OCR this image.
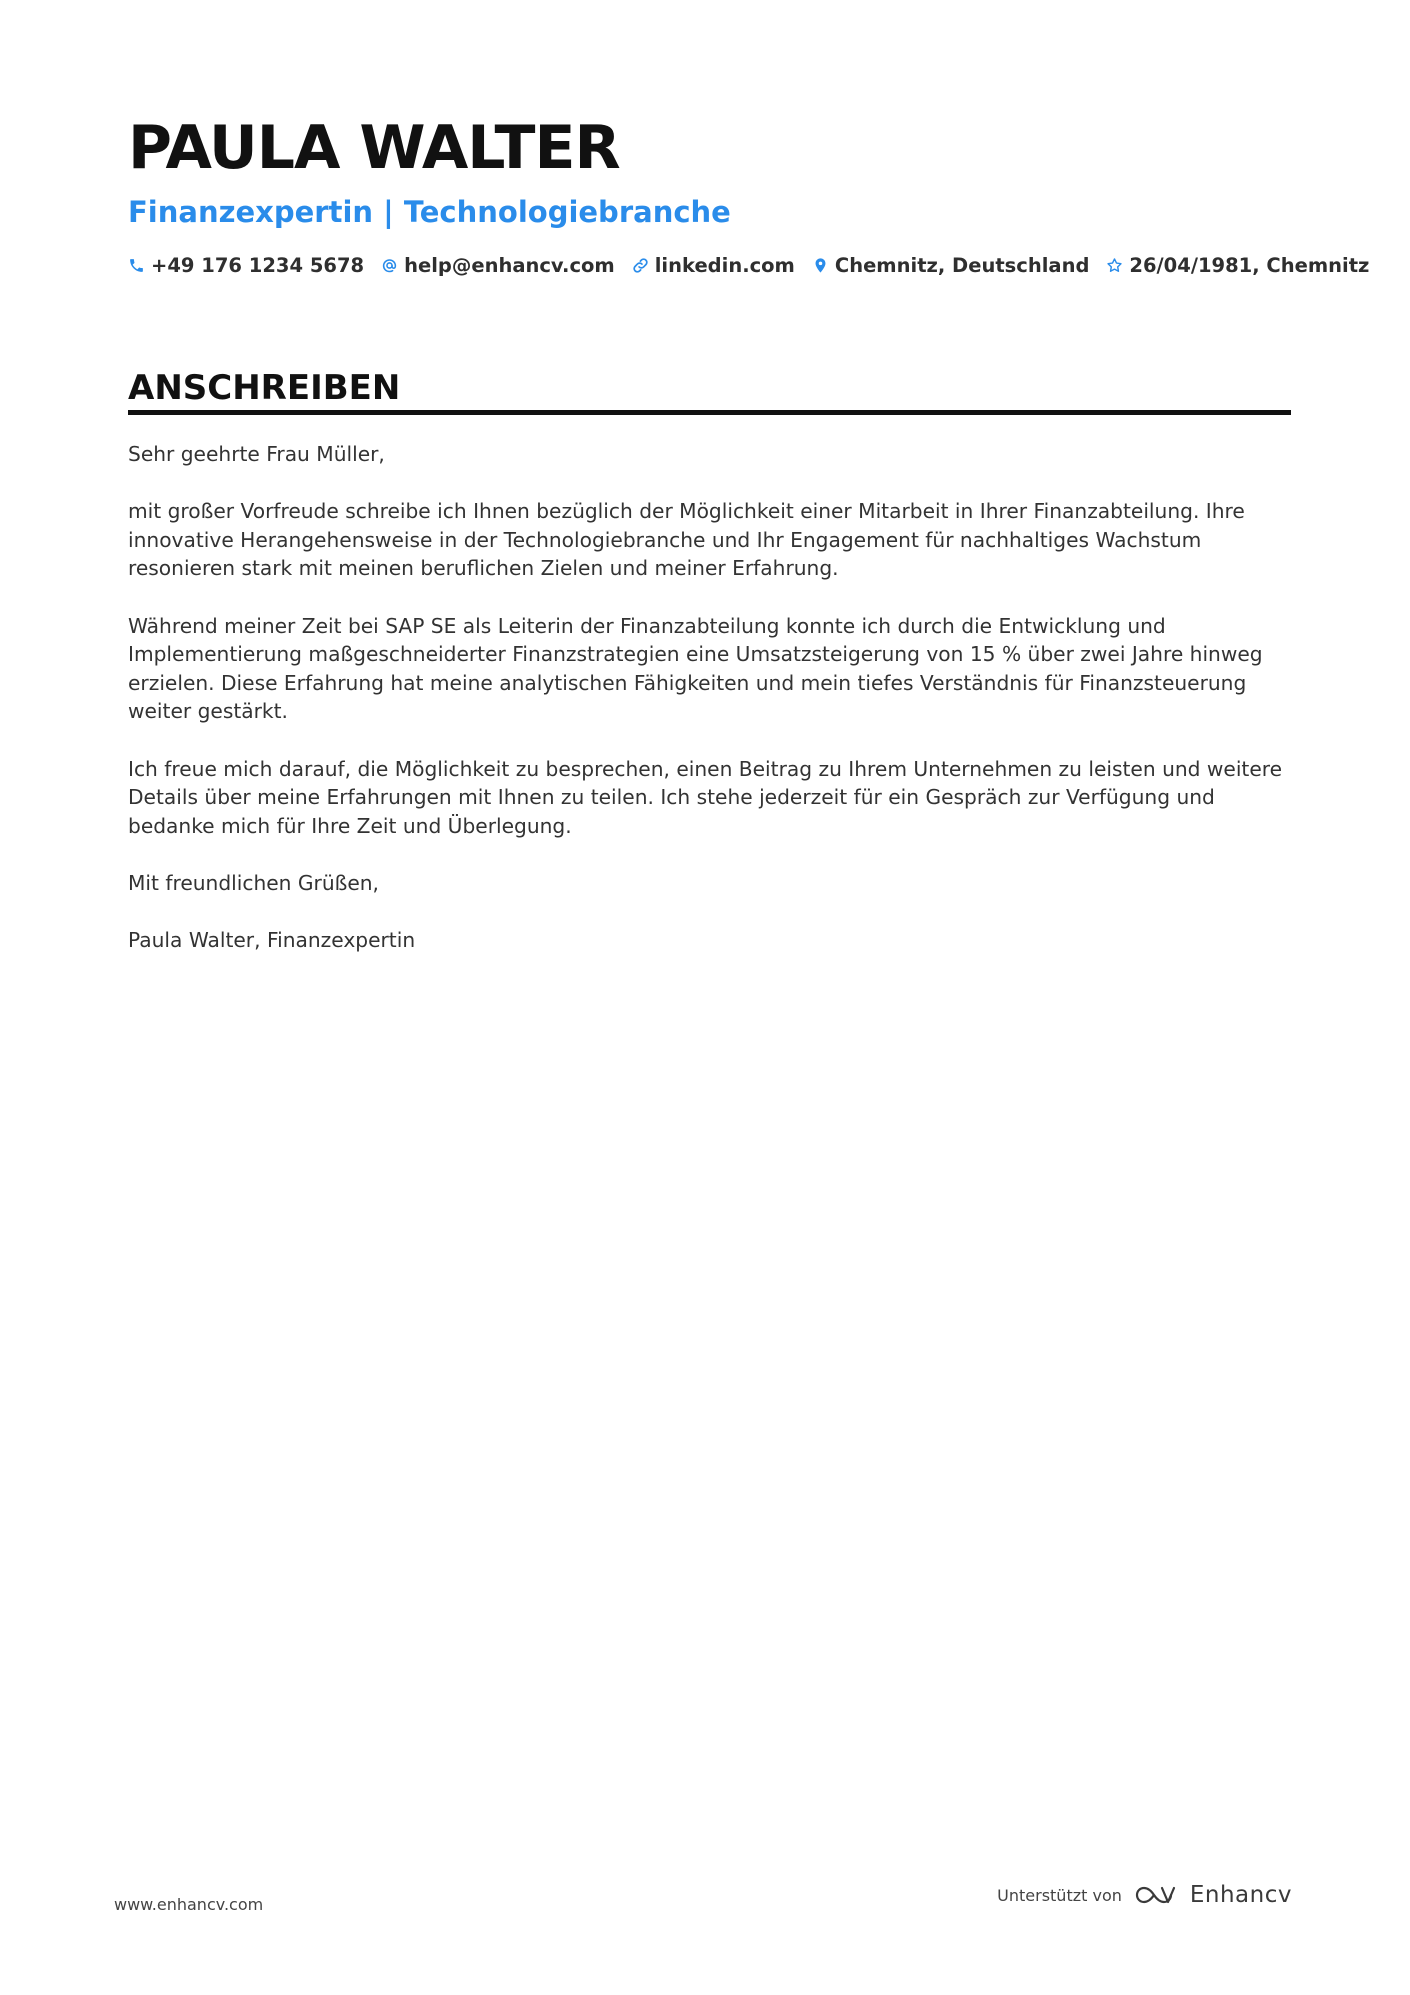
PAULA WALTER
Finanzexpertin | Technologiebranche
+49 176 1234 5678 help@enhancv.com linkedin.com Chemnitz, Deutschland 26/04/1981, Chemnitz
ANSCHREIBEN

Sehr geehrte Frau Müller,

mit großer Vorfreude schreibe ich Ihnen bezüglich der Möglichkeit einer Mitarbeit in Ihrer Finanzabteilung. Ihre innovative Herangehensweise in der Technologiebranche und Ihr Engagement für nachhaltiges Wachstum resonieren stark mit meinen beruflichen Zielen und meiner Erfahrung.

Während meiner Zeit bei SAP SE als Leiterin der Finanzabteilung konnte ich durch die Entwicklung und Implementierung maßgeschneiderter Finanzstrategien eine Umsatzsteigerung von 15 % über zwei Jahre hinweg erzielen. Diese Erfahrung hat meine analytischen Fähigkeiten und mein tiefes Verständnis für Finanzsteuerung weiter gestärkt.

Ich freue mich darauf, die Möglichkeit zu besprechen, einen Beitrag zu Ihrem Unternehmen zu leisten und weitere Details über meine Erfahrungen mit Ihnen zu teilen. Ich stehe jederzeit für ein Gespräch zur Verfügung und bedanke mich für Ihre Zeit und Überlegung.

Mit freundlichen Grüßen,

Paula Walter, Finanzexpertin

www.enhancv.com	Unterstützt von	Enhancv
